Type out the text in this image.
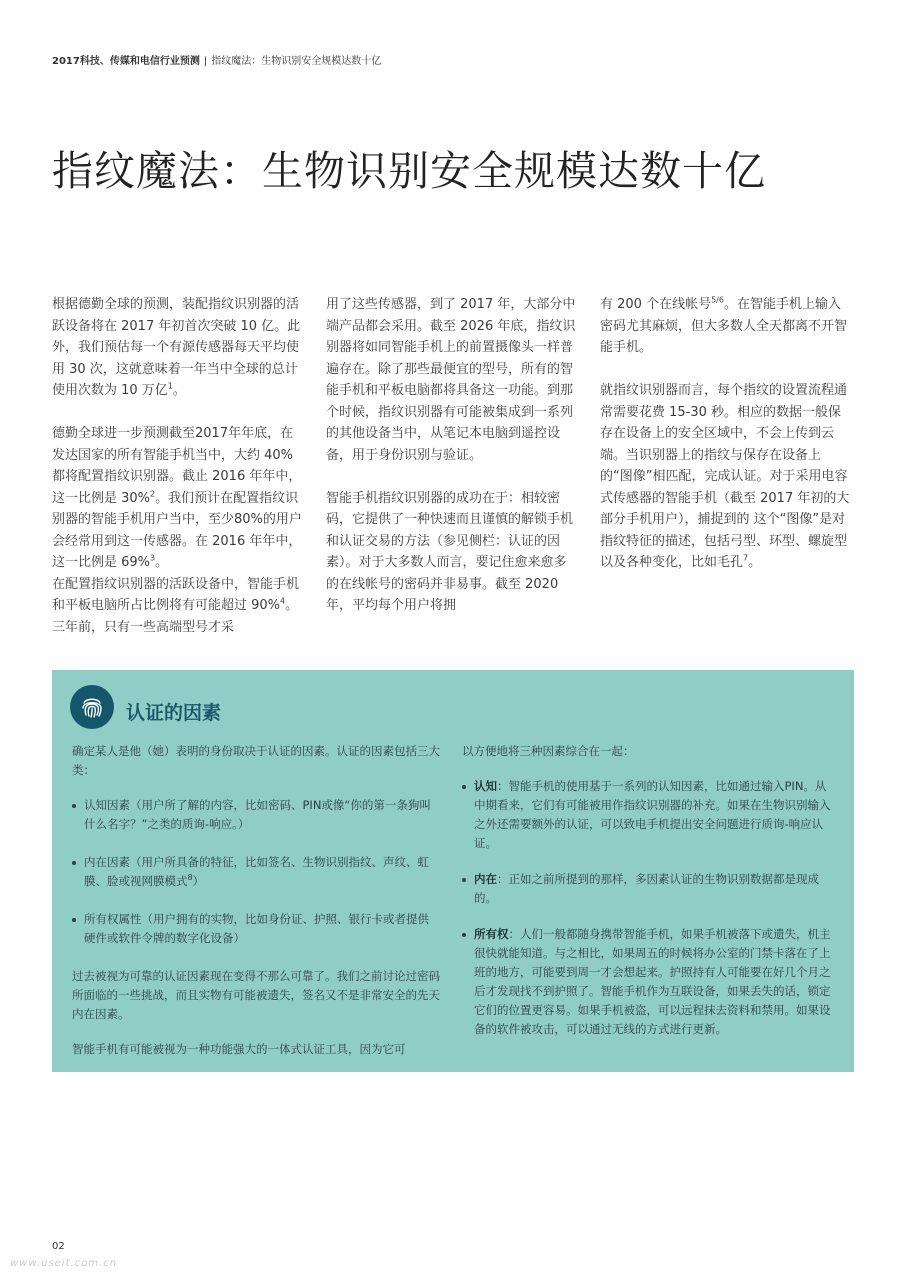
2017科技、传媒和电信行业预测 | 指纹魔法：生物识别安全规模达数十亿
指纹魔法：生物识别安全规模达数十亿

根据德勤全球的预测，装配指纹识别器的活跃设备将在 2017 年初首次突破 10 亿。此外，我们预估每一个有源传感器每天平均使用 30 次，这就意味着一年当中全球的总计使用次数为 10 万亿$^1$。

德勤全球进一步预测截至2017年年底，在发达国家的所有智能手机当中，大约 40% 都将配置指纹识别器。截止 2016 年年中，这一比例是 30%$^2$。我们预计在配置指纹识别器的智能手机用户当中，至少80%的用户会经常用到这一传感器。在 2016 年年中，这一比例是 69%$^3$。

在配置指纹识别器的活跃设备中，智能手机和平板电脑所占比例将有可能超过 90%$^4$。三年前，只有一些高端型号才采

用了这些传感器，到了 2017 年，大部分中端产品都会采用。截至 2026 年底，指纹识别器将如同智能手机上的前置摄像头一样普遍存在。除了那些最便宜的型号，所有的智能手机和平板电脑都将具备这一功能。到那个时候，指纹识别器有可能被集成到一系列的其他设备当中，从笔记本电脑到遥控设备，用于身份识别与验证。

智能手机指纹识别器的成功在于：相较密码，它提供了一种快速而且谨慎的解锁手机和认证交易的方法（参见侧栏：认证的因素）。对于大多数人而言，要记住愈来愈多的在线帐号的密码并非易事。截至 2020 年，平均每个用户将拥

有 200 个在线帐号$^{5/6}$。在智能手机上输入密码尤其麻烦，但大多数人全天都离不开智能手机。

就指纹识别器而言，每个指纹的设置流程通常需要花费 15-30 秒。相应的数据一般保存在设备上的安全区域中，不会上传到云端。当识别器上的指纹与保存在设备上的“图像”相匹配，完成认证。对于采用电容式传感器的智能手机（截至 2017 年初的大部分手机用户），捕捉到的 这个“图像”是对指纹特征的描述，包括弓型、环型、螺旋型以及各种变化，比如毛孔$^7$。

认证的因素

确定某人是他（她）表明的身份取决于认证的因素。认证的因素包括三大类：

认知因素（用户所了解的内容，比如密码、PIN或像“你的第一条狗叫什么名字？”之类的质询-响应。）
内在因素（用户所具备的特征，比如签名、生物识别指纹、声纹、虹膜、脸或视网膜模式$^8$）
所有权属性（用户拥有的实物，比如身份证、护照、银行卡或者提供硬件或软件令牌的数字化设备）

过去被视为可靠的认证因素现在变得不那么可靠了。我们之前讨论过密码所面临的一些挑战，而且实物有可能被遗失，签名又不是非常安全的先天内在因素。

智能手机有可能被视为一种功能强大的一体式认证工具，因为它可

以方便地将三种因素综合在一起：

认知：智能手机的使用基于一系列的认知因素，比如通过输入PIN。从中期看来，它们有可能被用作指纹识别器的补充。如果在生物识别输入之外还需要额外的认证，可以致电手机提出安全问题进行质询-响应认证。
内在：正如之前所提到的那样，多因素认证的生物识别数据都是现成的。
所有权：人们一般都随身携带智能手机，如果手机被落下或遗失，机主很快就能知道。与之相比，如果周五的时候将办公室的门禁卡落在了上班的地方，可能要到周一才会想起来。护照持有人可能要在好几个月之后才发现找不到护照了。智能手机作为互联设备，如果丢失的话，锁定它们的位置更容易。如果手机被盗，可以远程抹去资料和禁用。如果设备的软件被攻击，可以通过无线的方式进行更新。
02
www.useit.com.cn
